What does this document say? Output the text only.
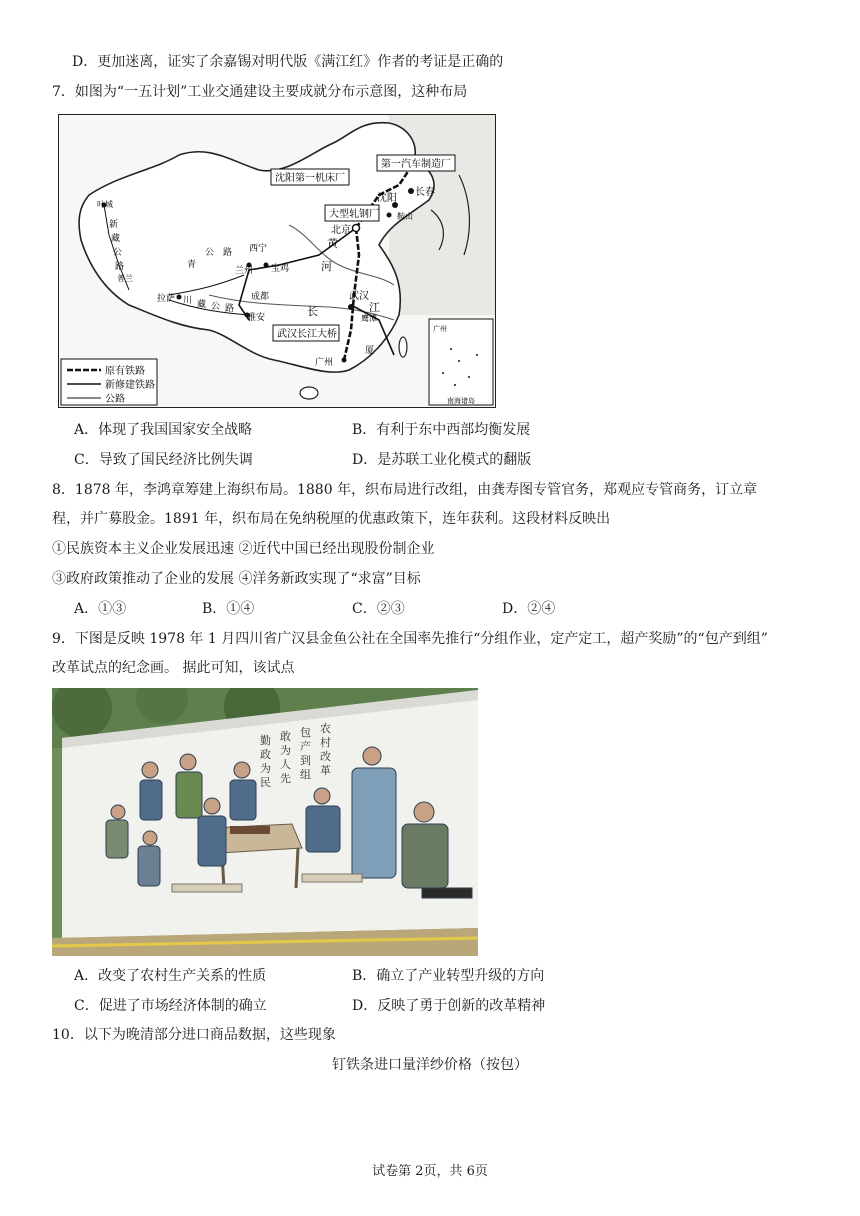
D．更加迷离，证实了余嘉锡对明代版《满江红》作者的考证是正确的
7．如图为“一五计划”工业交通建设主要成就分布示意图，这种布局
第一汽车制造厂
沈阳第一机床厂
大型轧钢厂
武汉长江大桥
长春
沈阳
鞍山
北京
黄
河
西宁
兰州 宝鸡
成都
雅安
拉萨	武汉
长	江
鹰潭
广州
厦
叶城
新
藏
公
路
普兰
青
公 路
川 藏 公 路
原有铁路
新修建铁路
公路
广州
南海诸岛
A．体现了我国国家安全战略	B．有利于东中西部均衡发展
C．导致了国民经济比例失调	D．是苏联工业化模式的翻版
8．1878 年，李鸿章筹建上海织布局。1880 年，织布局进行改组，由龚寿图专管官务，郑观应专管商务，订立章
程，并广募股金。1891 年，织布局在免纳税厘的优惠政策下，连年获利。这段材料反映出
①民族资本主义企业发展迅速 ②近代中国已经出现股份制企业
③政府政策推动了企业的发展 ④洋务新政实现了“求富”目标
A．①③	B．①④	C．②③	D．②④
9．下图是反映 1978 年 1 月四川省广汉县金鱼公社在全国率先推行“分组作业，定产定工，超产奖励”的“包产到组”
改革试点的纪念画。 据此可知，该试点
农
村
改
革
包
产
到
组
敢
为
人
先
勤
政
为
民
A．改变了农村生产关系的性质	B．确立了产业转型升级的方向
C．促进了市场经济体制的确立	D．反映了勇于创新的改革精神
10．以下为晚清部分进口商品数据，这些现象
钉铁条进口量洋纱价格（按包）
试卷第 2页，共 6页
